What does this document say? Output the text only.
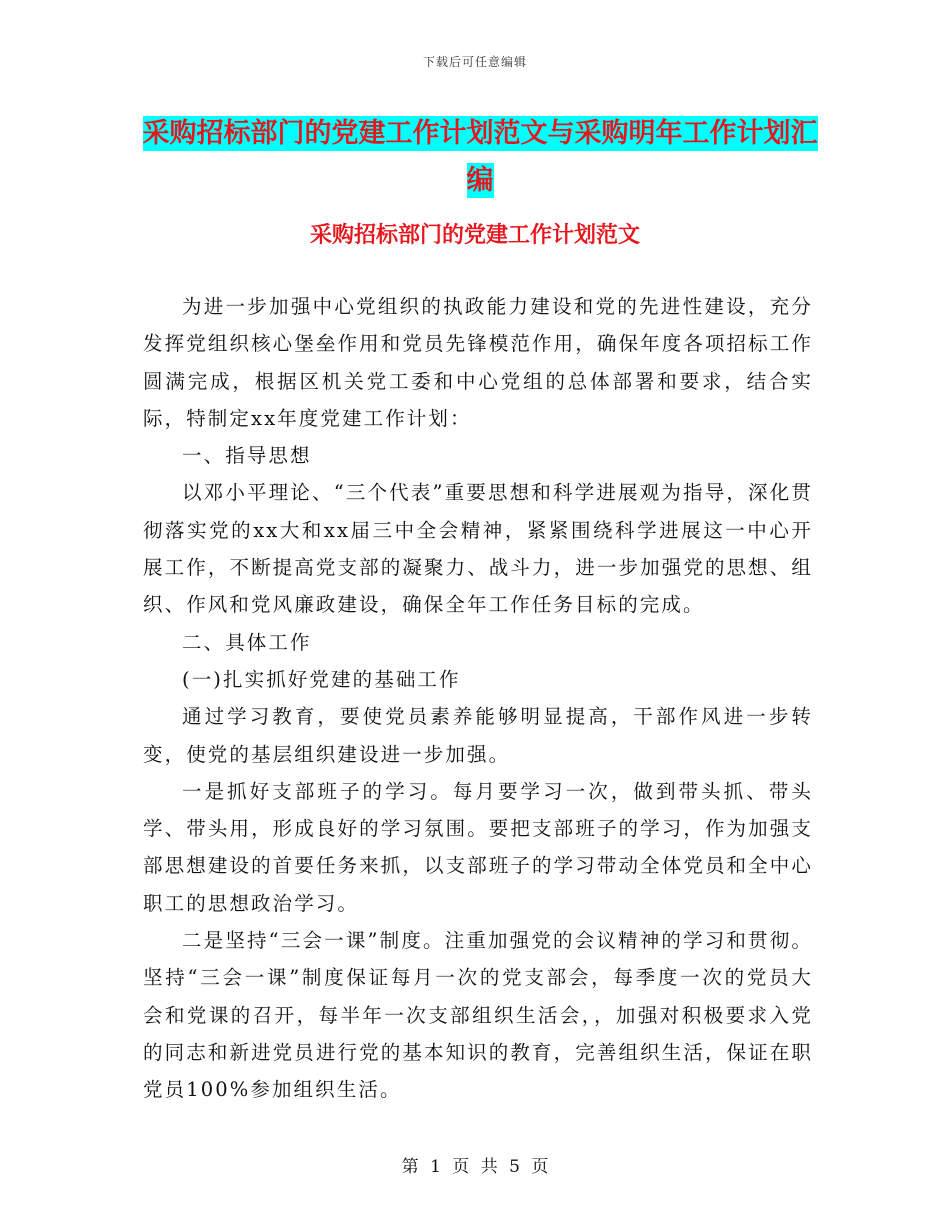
下载后可任意编辑
采购招标部门的党建工作计划范文与采购明年工作计划汇编
采购招标部门的党建工作计划范文

为进一步加强中心党组织的执政能力建设和党的先进性建设，充分发挥党组织核心堡垒作用和党员先锋模范作用，确保年度各项招标工作圆满完成，根据区机关党工委和中心党组的总体部署和要求，结合实际，特制定xx年度党建工作计划：

一、指导思想

以邓小平理论、“三个代表”重要思想和科学进展观为指导，深化贯彻落实党的xx大和xx届三中全会精神，紧紧围绕科学进展这一中心开展工作，不断提高党支部的凝聚力、战斗力，进一步加强党的思想、组织、作风和党风廉政建设，确保全年工作任务目标的完成。

二、具体工作

(一)扎实抓好党建的基础工作

通过学习教育，要使党员素养能够明显提高，干部作风进一步转变，使党的基层组织建设进一步加强。

一是抓好支部班子的学习。每月要学习一次，做到带头抓、带头学、带头用，形成良好的学习氛围。要把支部班子的学习，作为加强支部思想建设的首要任务来抓，以支部班子的学习带动全体党员和全中心职工的思想政治学习。

二是坚持“三会一课”制度。注重加强党的会议精神的学习和贯彻。坚持“三会一课”制度保证每月一次的党支部会，每季度一次的党员大会和党课的召开，每半年一次支部组织生活会，，加强对积极要求入党的同志和新进党员进行党的基本知识的教育，完善组织生活，保证在职党员100%参加组织生活。

第 1 页 共 5 页
